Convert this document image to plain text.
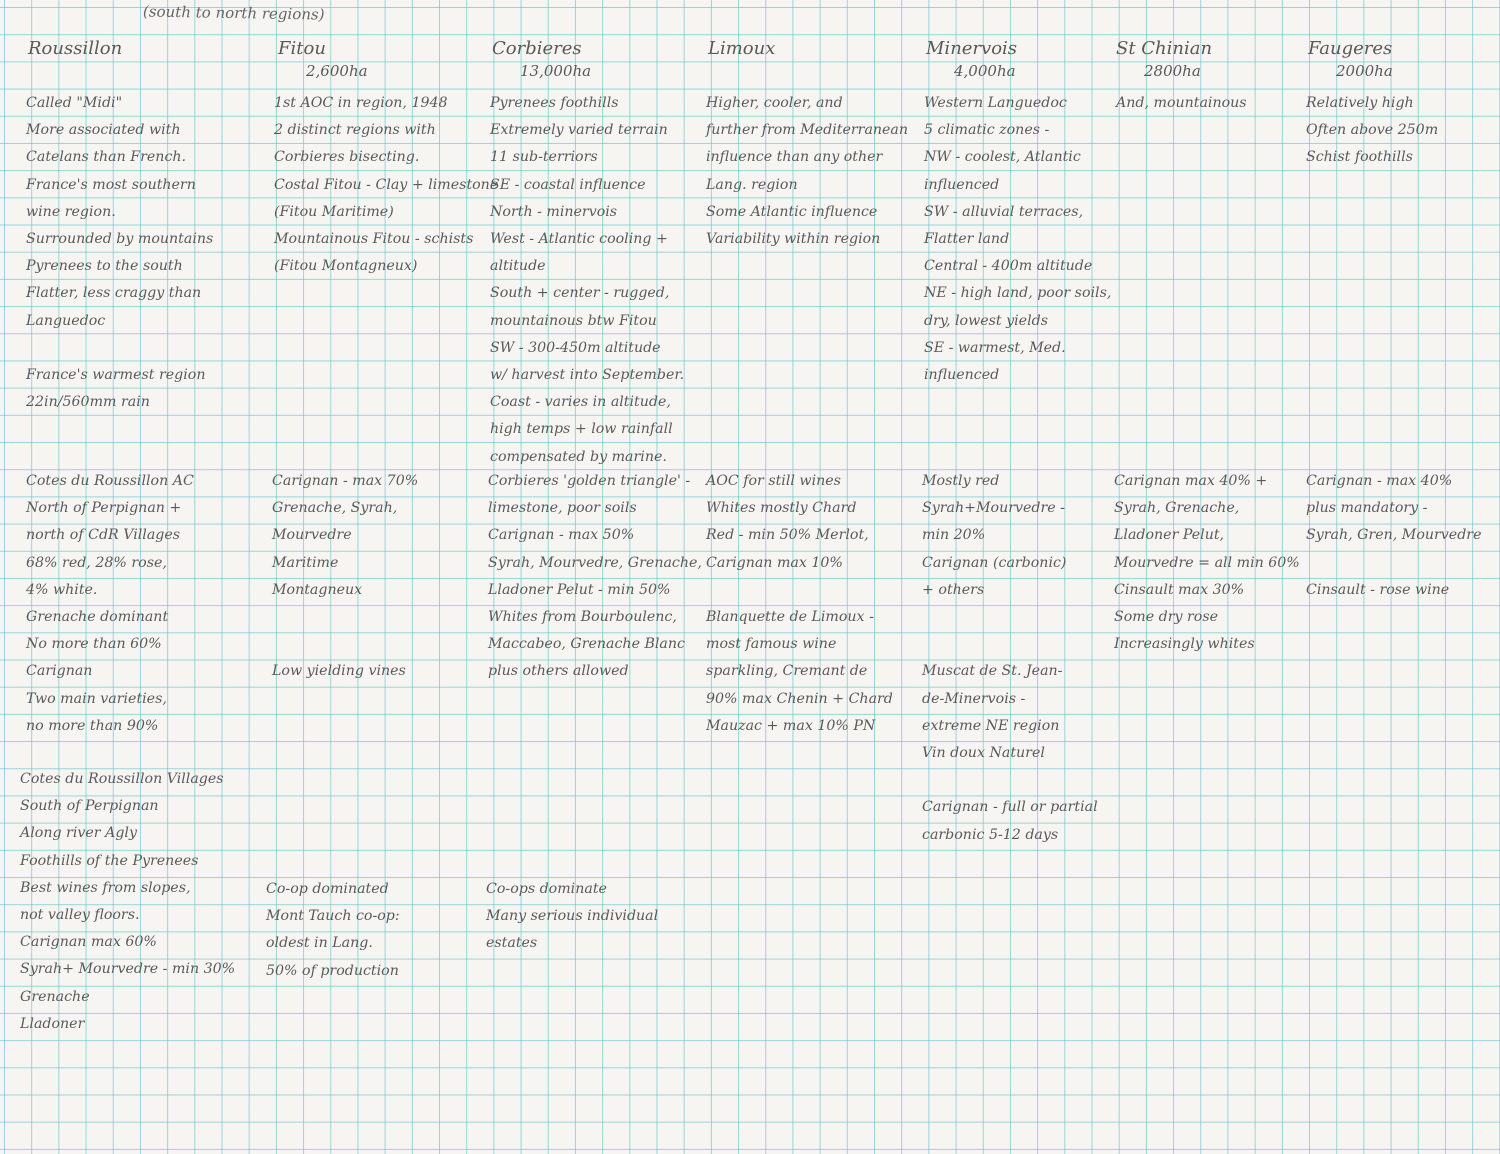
(south to north regions)
Roussillon
Called "Midi"
More associated with
Catelans than French.
France's most southern
wine region.
Surrounded by mountains
Pyrenees to the south
Flatter, less craggy than
Languedoc

France's warmest region
22in/560mm rain
Cotes du Roussillon AC
North of Perpignan +
north of CdR Villages
68% red, 28% rose,
4% white.
Grenache dominant
No more than 60%
Carignan
Two main varieties,
no more than 90%
Cotes du Roussillon Villages
South of Perpignan
Along river Agly
Foothills of the Pyrenees
Best wines from slopes,
not valley floors.
Carignan max 60%
Syrah+ Mourvedre - min 30%
Grenache
Lladoner
Fitou
2,600ha
1st AOC in region, 1948
2 distinct regions with
Corbieres bisecting.
Costal Fitou - Clay + limestone
(Fitou Maritime)
Mountainous Fitou - schists
(Fitou Montagneux)
Carignan - max 70%
Grenache, Syrah,
Mourvedre
Maritime
Montagneux

Low yielding vines
Co-op dominated
Mont Tauch co-op:
oldest in Lang.
50% of production
Corbieres
13,000ha
Pyrenees foothills
Extremely varied terrain
11 sub-terriors
SE - coastal influence
North - minervois
West - Atlantic cooling +
altitude
South + center - rugged,
mountainous btw Fitou
SW - 300-450m altitude
w/ harvest into September.
Coast - varies in altitude,
high temps + low rainfall
compensated by marine.
Corbieres 'golden triangle' -
limestone, poor soils
Carignan - max 50%
Syrah, Mourvedre, Grenache,
Lladoner Pelut - min 50%
Whites from Bourboulenc,
Maccabeo, Grenache Blanc
plus others allowed
Co-ops dominate
Many serious individual
estates
Limoux
Higher, cooler, and
further from Mediterranean
influence than any other
Lang. region
Some Atlantic influence
Variability within region
AOC for still wines
Whites mostly Chard
Red - min 50% Merlot,
Carignan max 10%

Blanquette de Limoux -
most famous wine
sparkling, Cremant de
90% max Chenin + Chard
Mauzac + max 10% PN
Minervois
4,000ha
Western Languedoc
5 climatic zones -
NW - coolest, Atlantic
influenced
SW - alluvial terraces,
Flatter land
Central - 400m altitude
NE - high land, poor soils,
dry, lowest yields
SE - warmest, Med.
influenced
Mostly red
Syrah+Mourvedre -
min 20%
Carignan (carbonic)
+ others

Muscat de St. Jean-
de-Minervois -
extreme NE region
Vin doux Naturel

Carignan - full or partial
carbonic 5-12 days
St Chinian
2800ha
And, mountainous
Carignan max 40% +
Syrah, Grenache,
Lladoner Pelut,
Mourvedre = all min 60%
Cinsault max 30%
Some dry rose
Increasingly whites
Faugeres
2000ha
Relatively high
Often above 250m
Schist foothills
Carignan - max 40%
plus mandatory -
Syrah, Gren, Mourvedre

Cinsault - rose wine
